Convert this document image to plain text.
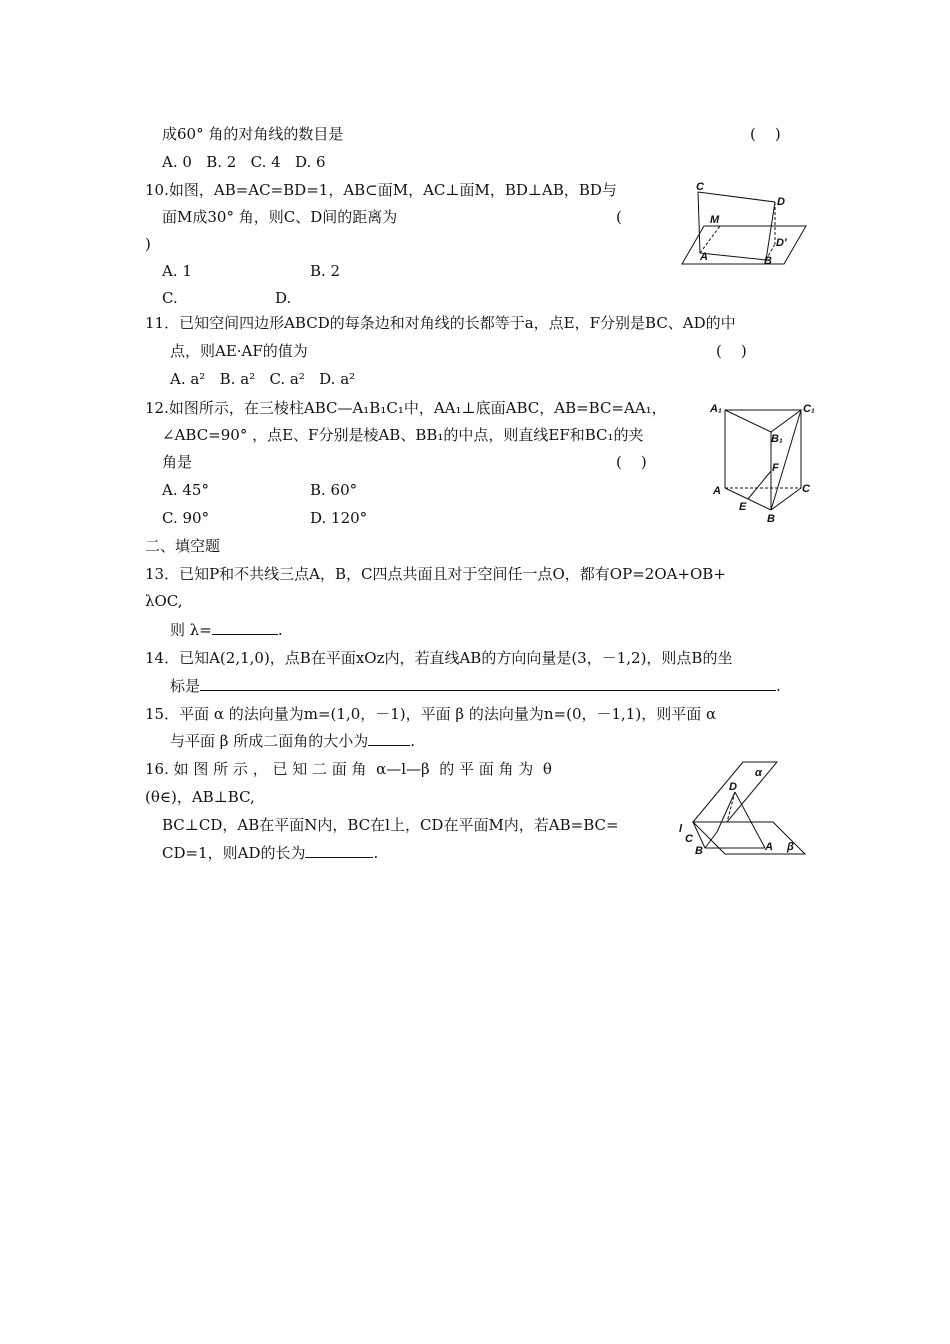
成60° 角的对角线的数目是	(    )
A. 0   B. 2   C. 4   D. 6
10.如图，AB=AC=BD=1，AB⊂面M，AC⊥面M，BD⊥AB，BD与
面M成30° 角，则C、D间的距离为	(
)
A. 1	B. 2
C.	D.
C
D
M
D′
A	B
11．已知空间四边形ABCD的每条边和对角线的长都等于a，点E，F分别是BC、AD的中
点，则AE·AF的值为	(    )
A. a²   B. a²   C. a²   D. a²
12.如图所示，在三棱柱ABC—A₁B₁C₁中，AA₁⊥底面ABC，AB=BC=AA₁，
∠ABC=90° ，点E、F分别是棱AB、BB₁的中点，则直线EF和BC₁的夹
角是	(    )
A. 45°	B. 60°
C. 90°	D. 120°
A₁	C₁
B₁
F
A	C
E
B
二、填空题
13．已知P和不共线三点A，B，C四点共面且对于空间任一点O，都有OP=2OA+OB+
λOC,
则 λ=	.
14．已知A(2,1,0)，点B在平面xOz内，若直线AB的方向向量是(3，－1,2)，则点B的坐
标是	.
15．平面 α 的法向量为m=(1,0，－1)，平面 β 的法向量为n=(0，－1,1)，则平面 α
与平面 β 所成二面角的大小为	.
16. 如 图 所 示 ， 已 知 二 面 角  α—l—β  的 平 面 角 为  θ
(θ∈)，AB⊥BC,
BC⊥CD，AB在平面N内，BC在l上，CD在平面M内，若AB=BC=
CD=1，则AD的长为	.
α
D
l
C
B	A β
